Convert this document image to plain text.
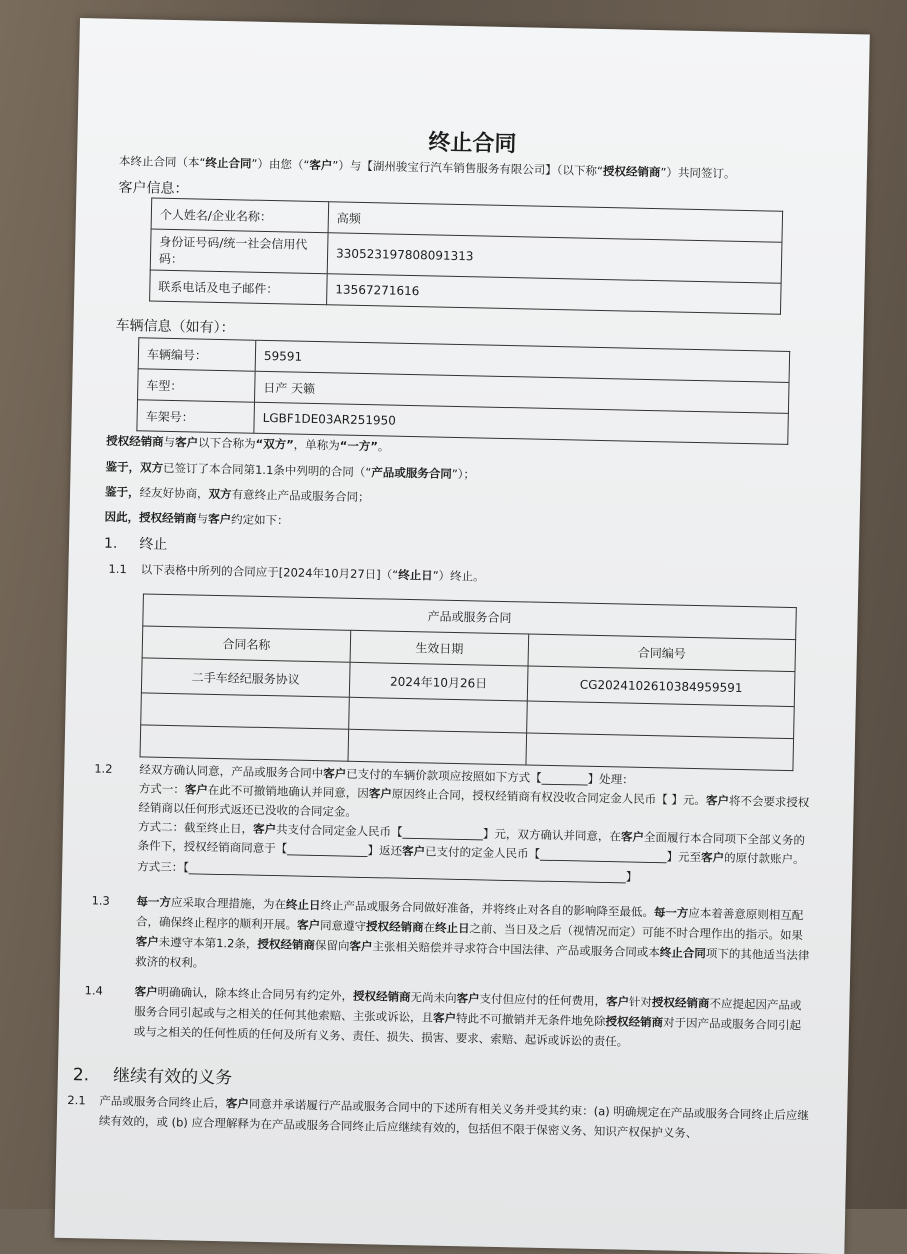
终止合同
本终止合同（本“终止合同”）由您（“客户”）与【湖州骏宝行汽车销售服务有限公司】（以下称“授权经销商”）共同签订。
客户信息：
个人姓名/企业名称：	高频
身份证号码/统一社会信用代码：	330523197808091313
联系电话及电子邮件：	13567271616
车辆信息（如有）：
车辆编号：	59591
车型：	日产 天籁
车架号：	LGBF1DE03AR251950
授权经销商与客户以下合称为“双方”，单称为“一方”。
鉴于，双方已签订了本合同第1.1条中列明的合同（“产品或服务合同”）；
鉴于，经友好协商，双方有意终止产品或服务合同；
因此，授权经销商与客户约定如下：
1. 终止
1.1 以下表格中所列的合同应于[2024年10月27日]（“终止日”）终止。
产品或服务合同		
合同名称	生效日期	合同编号
二手车经纪服务协议	2024年10月26日	CG20241026103849595​91

1.2 经双方确认同意，产品或服务合同中客户已支付的车辆价款项应按照如下方式【________】处理：
方式一：客户在此不可撤销地确认并同意，因客户原因终止合同，授权经销商有权没收合同定金人民币【 】元。客户将不会要求授权经销商以任何形式返还已没收的合同定金。
方式二：截至终止日，客户共支付合同定金人民币【______________】元，双方确认并同意，在客户全面履行本合同项下全部义务的条件下，授权经销商同意于【______________】返还客户已支付的定金人民币【______________________】元至客户的原付款账户。
方式三：【____________________________________________________________________________】
1.3 每一方应采取合理措施，为在终止日终止产品或服务合同做好准备，并将终止对各自的影响降至最低。每一方应本着善意原则相互配合，确保终止程序的顺利开展。客户同意遵守授权经销商在终止日之前、当日及之后（视情况而定）可能不时合理作出的指示。如果客户未遵守本第1.2条，授权经销商保留向客户主张相关赔偿并寻求符合中国法律、产品或服务合同或本终止合同项下的其他适当法律救济的权利。
1.4	客户明确确认，除本终止合同另有约定外，授权经销商无尚未向客户支付但应付的任何费用，客户针对授权经销商不应提起因产品或服务合同引起或与之相关的任何其他索赔、主张或诉讼，且客户特此不可撤销并无条件地免除授权经销商对于因产品或服务合同引起或与之相关的任何性质的任何及所有义务、责任、损失、损害、要求、索赔、起诉或诉讼的责任。
2. 继续有效的义务
2.1 产品或服务合同终止后，客户同意并承诺履行产品或服务合同中的下述所有相关义务并受其约束：(a) 明确规定在产品或服务合同终止后应继续有效的，或 (b) 应合理解释为在产品或服务合同终止后应继续有效的，包括但不限于保密义务、知识产权保护义务、
